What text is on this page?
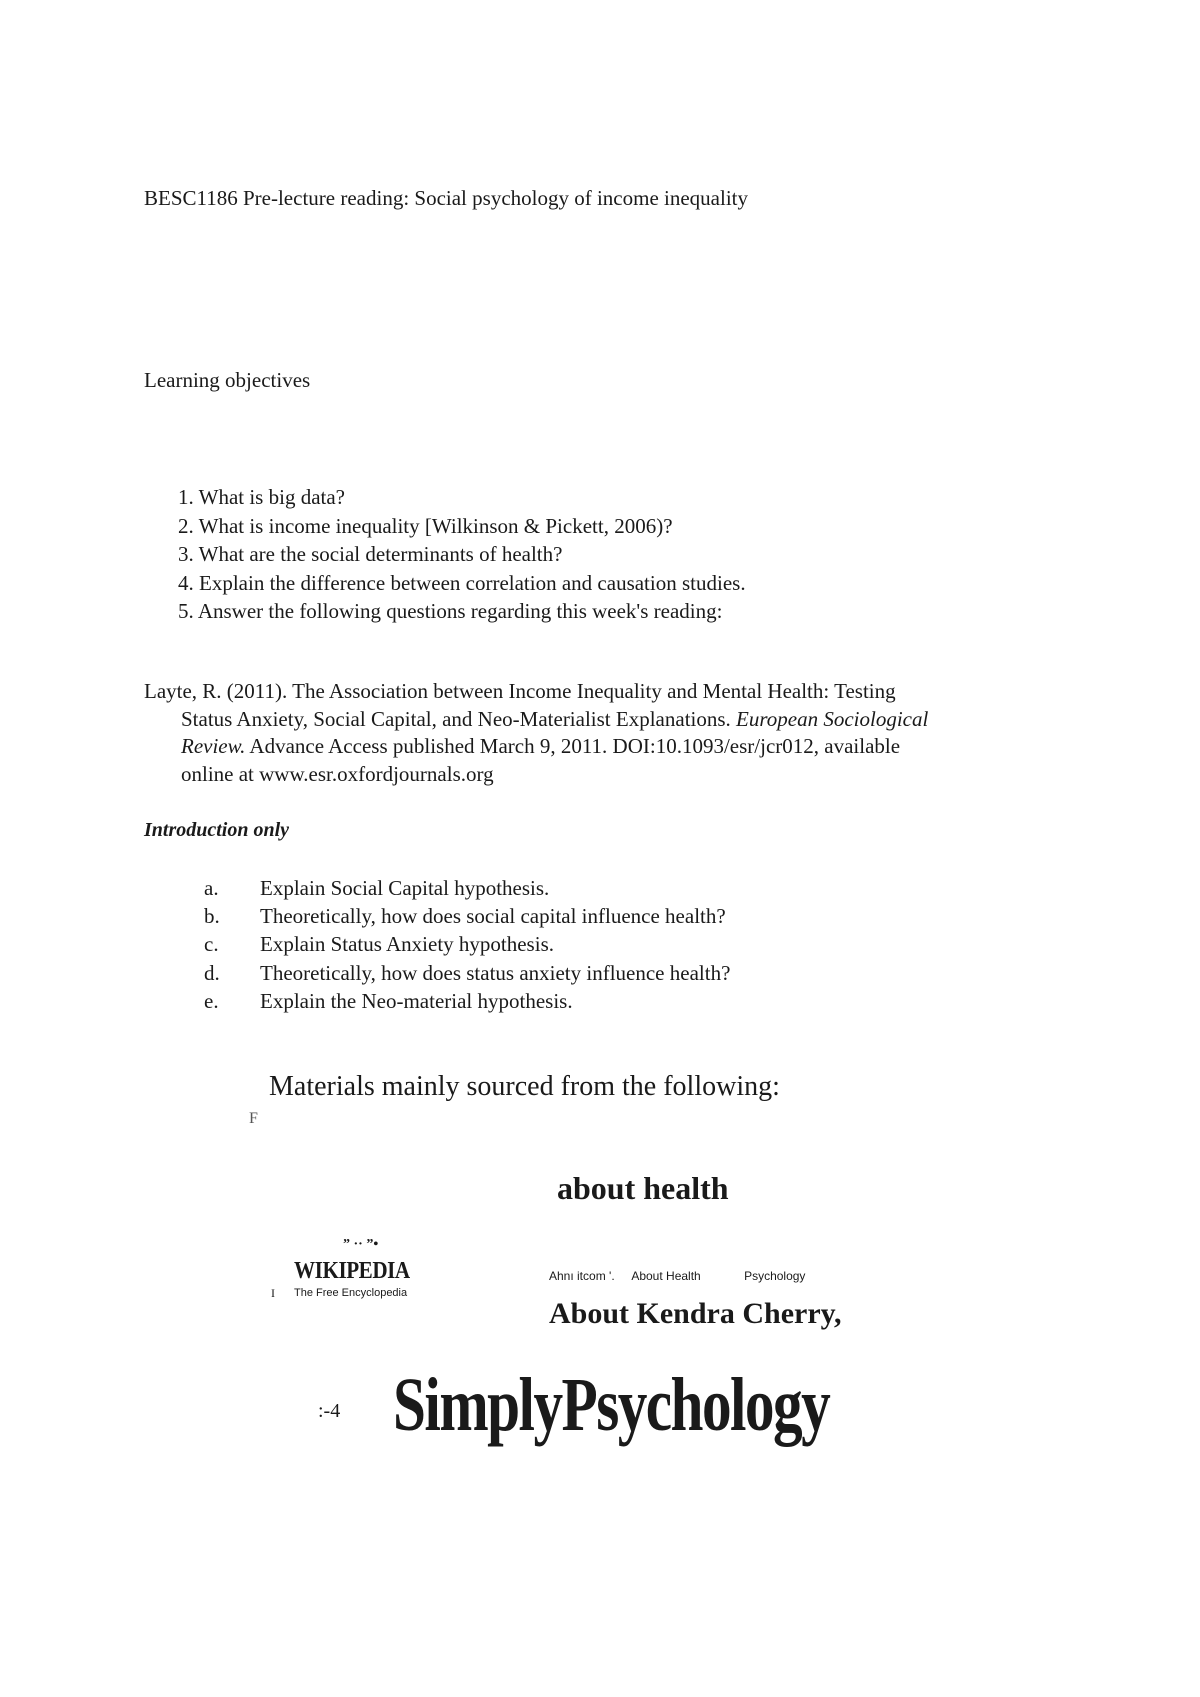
BESC1186 Pre-lecture reading: Social psychology of income inequality
Learning objectives
1. What is big data?
2. What is income inequality [Wilkinson & Pickett, 2006)?
3. What are the social determinants of health?
4. Explain the difference between correlation and causation studies.
5. Answer the following questions regarding this week's reading:
Layte, R. (2011). The Association between Income Inequality and Mental Health: Testing
Status Anxiety, Social Capital, and Neo-Materialist Explanations. European Sociological
Review. Advance Access published March 9, 2011. DOI:10.1093/esr/jcr012, available
online at www.esr.oxfordjournals.org
Introduction only
a. Explain Social Capital hypothesis.
b. Theoretically, how does social capital influence health?
c. Explain Status Anxiety hypothesis.
d. Theoretically, how does status anxiety influence health?
e. Explain the Neo-material hypothesis.
Materials mainly sourced from the following:
F
about health
” ·· ”•
WIKIPEDIA
I The Free Encyclopedia
Ahnı itcom '. About Health	Psychology
About Kendra Cherry,
:-4 SimplyPsychology
